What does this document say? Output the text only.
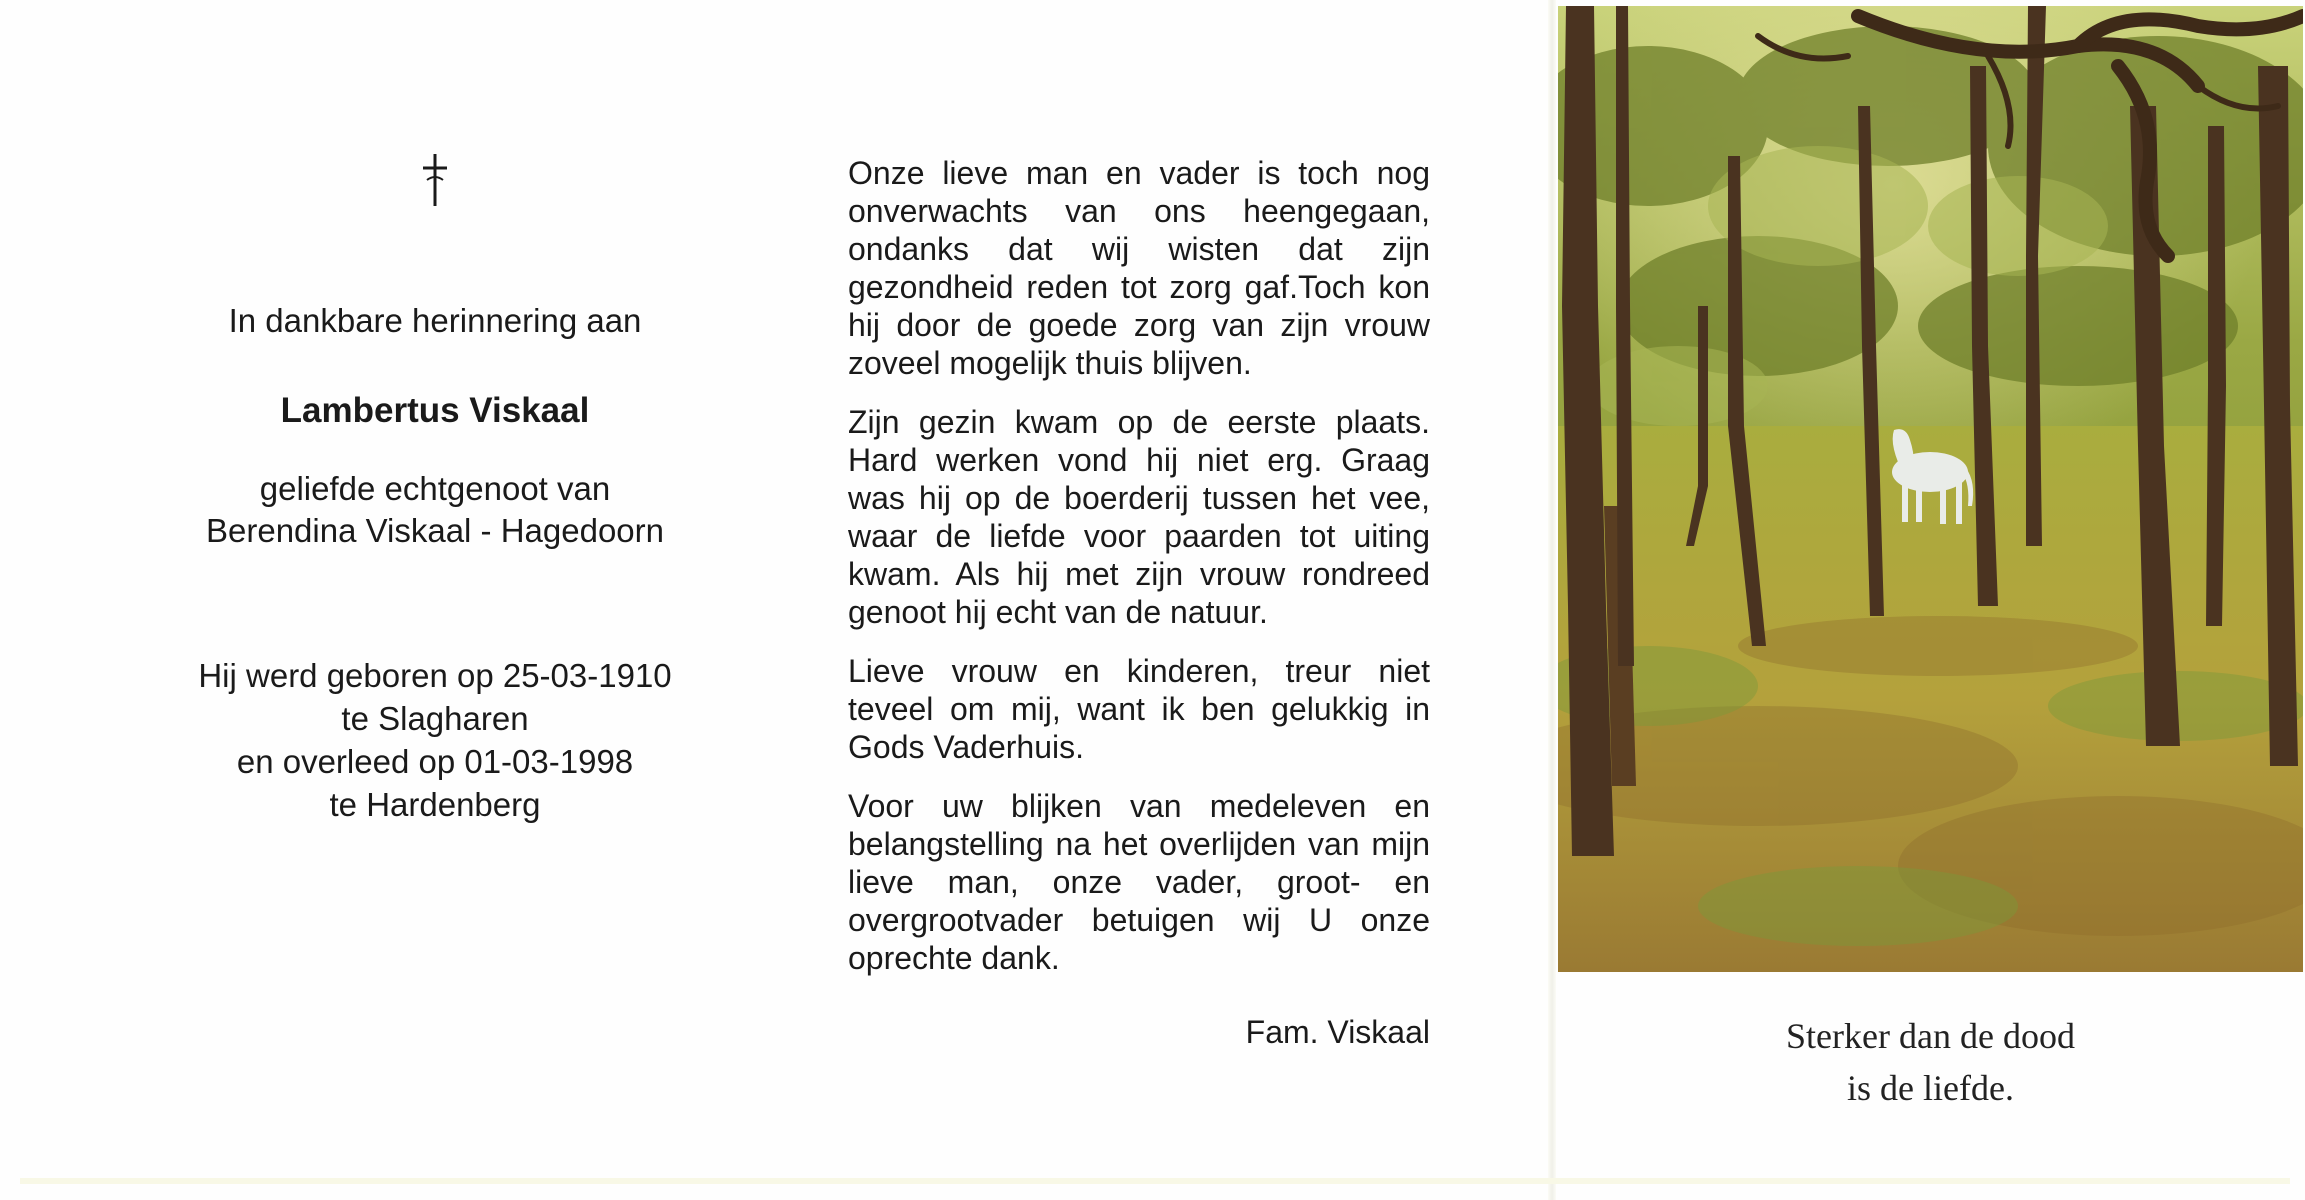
In dankbare herinnering aan
Lambertus Viskaal
geliefde echtgenoot van
Berendina Viskaal - Hagedoorn
Hij werd geboren op 25-03-1910
te Slagharen
en overleed op 01-03-1998
te Hardenberg

Onze lieve man en vader is toch nog onverwachts van ons heengegaan, ondanks dat wij wisten dat zijn gezondheid reden tot zorg gaf.Toch kon hij door de goede zorg van zijn vrouw zoveel mogelijk thuis blijven.

Zijn gezin kwam op de eerste plaats. Hard werken vond hij niet erg. Graag was hij op de boerderij tussen het vee, waar de liefde voor paarden tot uiting kwam. Als hij met zijn vrouw rondreed genoot hij echt van de natuur.

Lieve vrouw en kinderen, treur niet teveel om mij, want ik ben gelukkig in Gods Vaderhuis.

Voor uw blijken van medeleven en belangstelling na het overlijden van mijn lieve man, onze vader, groot- en overgrootvader betuigen wij U onze oprechte dank.

Fam. Viskaal	Sterker dan de dood
is de liefde.
